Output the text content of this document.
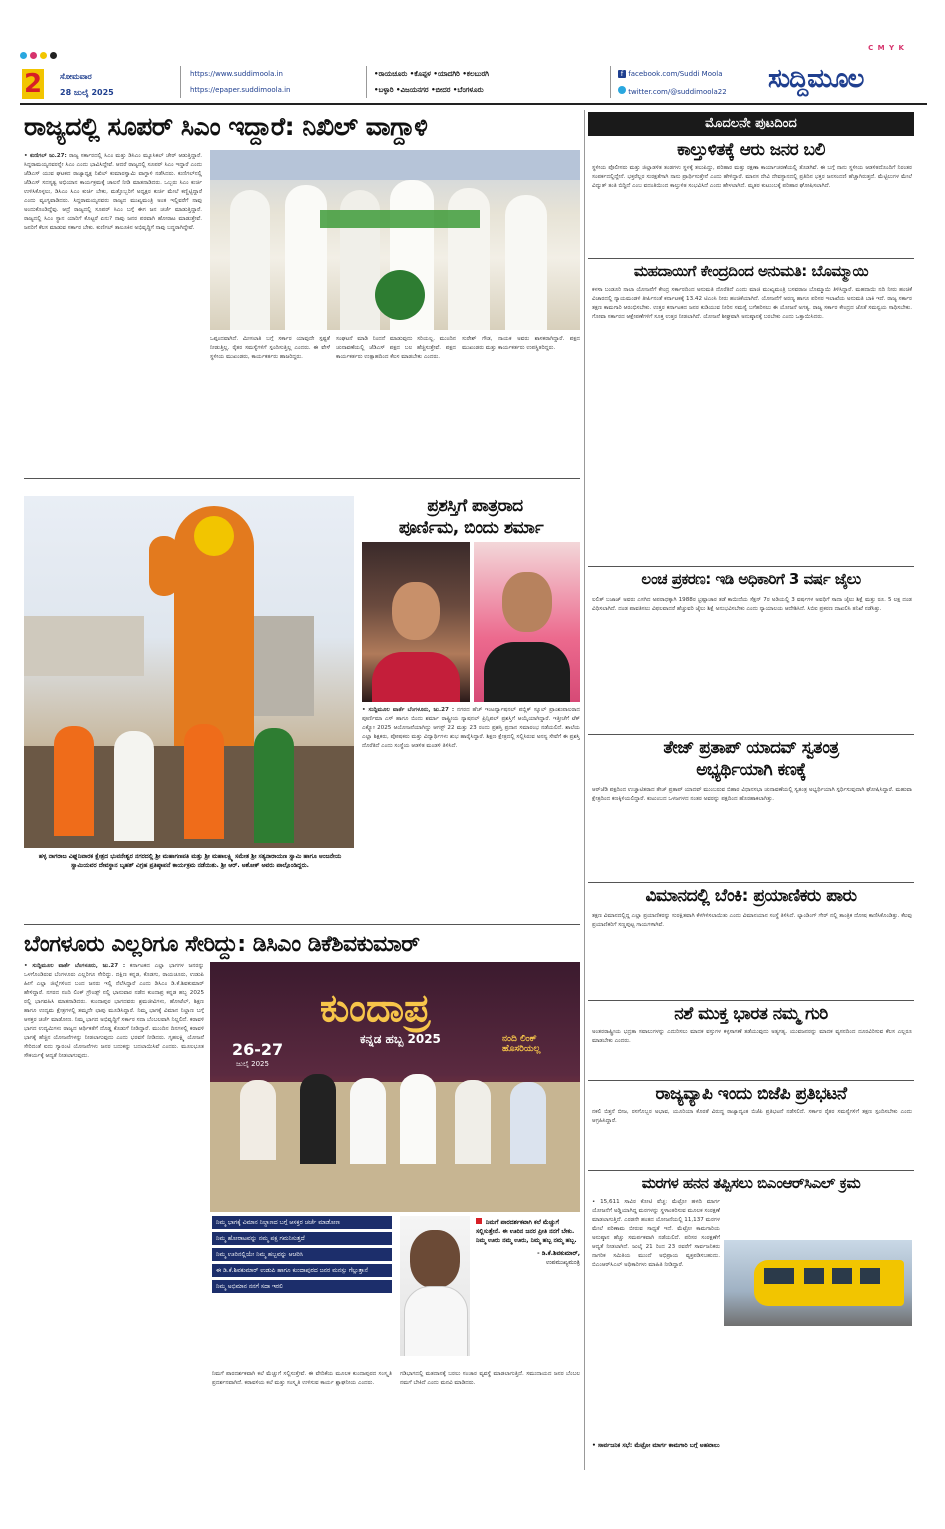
C M Y K
2 ಸೋಮವಾರ
28 ಜುಲೈ 2025
https://www.suddimoola.in
https://epaper.suddimoola.in
•ರಾಯಚೂರು •ಕೊಪ್ಪಳ •ಯಾದಗಿರಿ •ಕಲಬುರಗಿ
•ಬಳ್ಳಾರಿ •ವಿಜಯನಗರ •ಬೀದರ •ಬೆಂಗಳೂರು
f facebook.com/Suddi Moola
twitter.com/@suddimoola22 ಸುದ್ದಿಮೂಲ
ರಾಜ್ಯದಲ್ಲಿ ಸೂಪರ್ ಸಿಎಂ ಇದ್ದಾರೆ: ನಿಖಿಲ್ ವಾಗ್ದಾಳಿ
• ಕುಣಿಗಲ್ ಜು.27: ರಾಜ್ಯ ಸರ್ಕಾರದಲ್ಲಿ ಸಿಎಂ ಮತ್ತು ಡಿಸಿಎಂ ಮ್ಯೂಸಿಕಲ್ ಚೇರ್ ಆಡುತ್ತಿದ್ದಾರೆ. ಸಿದ್ದರಾಮಯ್ಯನವರನ್ನೇ ಸಿಎಂ ಎಂದು ಭಾವಿಸಿದ್ದೇವೆ. ಆದರೆ ರಾಜ್ಯದಲ್ಲಿ ಸೂಪರ್ ಸಿಎಂ ಇದ್ದಾರೆ ಎಂದು ಜೆಡಿಎಸ್ ಯುವ ಘಟಕದ ರಾಜ್ಯಾಧ್ಯಕ್ಷ ನಿಖಿಲ್ ಕುಮಾರಸ್ವಾಮಿ ವಾಗ್ದಾಳಿ ನಡೆಸಿದರು. ಕುಣಿಗಲ್‌ನಲ್ಲಿ ಜೆಡಿಎಸ್ ಸದಸ್ಯತ್ವ ಅಭಿಯಾನ ಕಾರ್ಯಕ್ರಮಕ್ಕೆ ಚಾಲನೆ ನೀಡಿ ಮಾತನಾಡಿದರು. ಒಬ್ಬರು ಸಿಎಂ ಕುರ್ಚಿ ಉಳಿಸಿಕೊಳ್ಳಲು, ಡಿಸಿಎಂ ಸಿಎಂ ಕುರ್ಚಿ ಬೇಕು, ಮತ್ತೊಬ್ಬರಿಗೆ ಅಧ್ಯಕ್ಷರ ಕುರ್ಚಿ ಮೇಲೆ ಕಣ್ಣಿಟ್ಟಿದ್ದಾರೆ ಎಂದು ವ್ಯಂಗ್ಯವಾಡಿದರು. ಸಿದ್ದರಾಮಯ್ಯನವರು ರಾಜ್ಯದ ಮುಖ್ಯಮಂತ್ರಿ ಅಂತ ಇಲ್ಲಿವರೆಗೆ ನಾವು ಅಂದುಕೊಂಡಿದ್ದೆವು. ಆದ್ರೆ ರಾಜ್ಯದಲ್ಲಿ ಸೂಪರ್ ಸಿಎಂ ಬಗ್ಗೆ ಈಗ ಜನ ಚರ್ಚೆ ಮಾಡುತ್ತಿದ್ದಾರೆ. ರಾಜ್ಯದಲ್ಲಿ ಸಿಎಂ ಸ್ಥಾನ ಯಾರಿಗೆ ಕೊಟ್ಟರೆ ಏನು? ನಾವು ಜನರ ಪರವಾಗಿ ಹೋರಾಟ ಮಾಡುತ್ತೇವೆ. ಜನರಿಗೆ ಕೆಲಸ ಮಾಡುವ ಸರ್ಕಾರ ಬೇಕು. ಕುಣಿಗಲ್ ತಾಲೂಕಿನ ಅಭಿವೃದ್ಧಿಗೆ ನಾವು ಬದ್ಧರಾಗಿದ್ದೇವೆ.
ಒಪ್ಪಂದವಾಗಿದೆ. ಮೀಸಲಾತಿ ಬಗ್ಗೆ ಸರ್ಕಾರ ಯಾವುದೇ ಸ್ಪಷ್ಟತೆ ನೀಡುತ್ತಿಲ್ಲ. ರೈತರ ಸಮಸ್ಯೆಗಳಿಗೆ ಸ್ಪಂದಿಸುತ್ತಿಲ್ಲ ಎಂದರು. ಈ ವೇಳೆ ಸ್ಥಳೀಯ ಮುಖಂಡರು, ಕಾರ್ಯಕರ್ತರು ಹಾಜರಿದ್ದರು.
ಸಂಘಟನೆ ಮಾಡಿ ನಿಂದನೆ ಮಾಡುವುದು ಸರಿಯಲ್ಲ. ಮುಂದಿನ ಚುನಾವಣೆಯಲ್ಲಿ ಜೆಡಿಎಸ್ ಪಕ್ಷದ ಬಲ ಹೆಚ್ಚಿಸುತ್ತೇವೆ. ಪಕ್ಷದ ಕಾರ್ಯಕರ್ತರು ಉತ್ಸಾಹದಿಂದ ಕೆಲಸ ಮಾಡಬೇಕು ಎಂದರು.
ಸುರೇಶ್ ಗೌಡ, ನಾಯಕ ಅವರು ಶಾಸಕರಾಗಿದ್ದಾರೆ. ಪಕ್ಷದ ಮುಖಂಡರು ಮತ್ತು ಕಾರ್ಯಕರ್ತರು ಉಪಸ್ಥಿತರಿದ್ದರು.
ಹಳ್ಳ ನಾಗರಾಜ ವಿಘ್ನನಿವಾರಕ ಕ್ಷೇತ್ರದ ಭುವನೇಶ್ವರ ನಗರದಲ್ಲಿ ಶ್ರೀ ಮಹಾಗಣಪತಿ ಮತ್ತು ಶ್ರೀ ಮಹಾಲಕ್ಷ್ಮಿ ಸಮೇತ ಶ್ರೀ ಸತ್ಯನಾರಾಯಣ ಸ್ವಾಮಿ ಹಾಗೂ ಆಂಜನೇಯ ಸ್ವಾಮಿಯವರ ದೇವಸ್ಥಾನ ಬೃಹತ್ ವಿಗ್ರಹ ಪ್ರತಿಷ್ಠಾಪನೆ ಕಾರ್ಯಕ್ರಮ ನಡೆಯಿತು. ಶ್ರೀ ಆರ್. ಅಶೋಕ್ ಅವರು ಪಾಲ್ಗೊಂಡಿದ್ದರು.
ಪ್ರಶಸ್ತಿಗೆ ಪಾತ್ರರಾದ
ಪೂರ್ಣಿಮ, ಬಿಂದು ಶರ್ಮಾ
• ಸುದ್ದಿಮೂಲ ವಾರ್ತೆ ಬೆಂಗಳೂರು, ಜು.27 : ನಗರದ ಹೆಚ್ ಇಂಟರ್ನ್ಯಾಷನಲ್ ಪಬ್ಲಿಕ್ ಸ್ಕೂಲ್ ಪ್ರಾಂಶುಪಾಲರಾದ ಪೂರ್ಣಿಮಾ ಎಸ್ ಹಾಗೂ ಬಿಂದು ಶರ್ಮಾ ರಾಷ್ಟ್ರೀಯ ನ್ಯಾಷನಲ್ ಪ್ರಿನ್ಸಿಪಲ್ ಪ್ರಶಸ್ತಿಗೆ ಆಯ್ಕೆಯಾಗಿದ್ದಾರೆ. ಇತ್ತೀಚೆಗೆ ಟೆಕ್ ಎಕ್ಸ್ಪೋ 2025 ಆಯೋಜನೆಯಾಗಿದ್ದು ಆಗಸ್ಟ್ 22 ಮತ್ತು 23 ರಂದು ಪ್ರಶಸ್ತಿ ಪ್ರದಾನ ಸಮಾರಂಭ ನಡೆಯಲಿದೆ. ಶಾಲೆಯ ಎಲ್ಲಾ ಶಿಕ್ಷಕರು, ಪೋಷಕರು ಮತ್ತು ವಿದ್ಯಾರ್ಥಿಗಳು ಶುಭ ಹಾರೈಸಿದ್ದಾರೆ. ಶಿಕ್ಷಣ ಕ್ಷೇತ್ರದಲ್ಲಿ ಸಲ್ಲಿಸಿರುವ ಅನನ್ಯ ಸೇವೆಗೆ ಈ ಪ್ರಶಸ್ತಿ ದೊರೆತಿದೆ ಎಂದು ಸಂಸ್ಥೆಯ ಆಡಳಿತ ಮಂಡಳಿ ತಿಳಿಸಿದೆ.
ಬೆಂಗಳೂರು ಎಲ್ಲರಿಗೂ ಸೇರಿದ್ದು: ಡಿಸಿಎಂ ಡಿಕೆಶಿವಕುಮಾರ್
• ಸುದ್ದಿಮೂಲ ವಾರ್ತೆ ಬೆಂಗಳೂರು, ಜು.27 : ಕರ್ನಾಟಕದ ಎಲ್ಲಾ ಭಾಗಗಳ ಜನರನ್ನು ಒಳಗೊಂಡಿರುವ ಬೆಂಗಳೂರು ಎಲ್ಲರಿಗೂ ಸೇರಿದ್ದು. ದಕ್ಷಿಣ ಕನ್ನಡ, ಕೊಡಗು, ರಾಯಚೂರು, ಉಡುಪಿ ಹೀಗೆ ಎಲ್ಲಾ ಜಿಲ್ಲೆಗಳಿಂದ ಬಂದ ಜನರು ಇಲ್ಲಿ ನೆಲೆಸಿದ್ದಾರೆ ಎಂದು ಡಿಸಿಎಂ ಡಿ.ಕೆ.ಶಿವಕುಮಾರ್ ಹೇಳಿದ್ದಾರೆ. ನಗರದ ನಂದಿ ಲಿಂಕ್ ಗ್ರೌಂಡ್ಸ್ ನಲ್ಲಿ ಭಾನುವಾರ ನಡೆದ ಕುಂದಾಪ್ರ ಕನ್ನಡ ಹಬ್ಬ 2025 ರಲ್ಲಿ ಭಾಗವಹಿಸಿ ಮಾತನಾಡಿದರು. ಕುಂದಾಪುರ ಭಾಗದವರು ಶ್ರಮಜೀವಿಗಳು, ಹೋಟೆಲ್, ಶಿಕ್ಷಣ ಹಾಗೂ ಉದ್ಯಮ ಕ್ಷೇತ್ರಗಳಲ್ಲಿ ತಮ್ಮದೇ ಛಾಪು ಮೂಡಿಸಿದ್ದಾರೆ. ನಿಮ್ಮ ಭಾಗಕ್ಕೆ ವಿಮಾನ ನಿಲ್ದಾಣ ಬಗ್ಗೆ ಆಸಕ್ತರ ಚರ್ಚೆ ಮಾಡೋಣ. ನಿಮ್ಮ ಭಾಗದ ಅಭಿವೃದ್ಧಿಗೆ ಸರ್ಕಾರ ಸದಾ ಬೆಂಬಲವಾಗಿ ನಿಲ್ಲಲಿದೆ. ಕರಾವಳಿ ಭಾಗದ ಉದ್ಯಮಿಗಳು ರಾಜ್ಯದ ಆರ್ಥಿಕತೆಗೆ ದೊಡ್ಡ ಕೊಡುಗೆ ನೀಡಿದ್ದಾರೆ. ಮುಂದಿನ ದಿನಗಳಲ್ಲಿ ಕರಾವಳಿ ಭಾಗಕ್ಕೆ ಹೆಚ್ಚಿನ ಯೋಜನೆಗಳನ್ನು ನೀಡಲಾಗುವುದು ಎಂದು ಭರವಸೆ ನೀಡಿದರು. ಗೃಹಲಕ್ಷ್ಮಿ ಯೋಜನೆ ಸೇರಿದಂತೆ ಐದು ಗ್ಯಾರಂಟಿ ಯೋಜನೆಗಳು ಜನರ ಬದುಕನ್ನು ಬದಲಾಯಿಸಿವೆ ಎಂದರು. ಮೂಲಭೂತ ಸೌಕರ್ಯಕ್ಕೆ ಆದ್ಯತೆ ನೀಡಲಾಗುವುದು.
ಕುಂದಾಪ್ರ
ಕನ್ನಡ ಹಬ್ಬ 2025
26-27
ಜುಲೈ 2025
ನಂದಿ ಲಿಂಕ್ ಹೊಸರಿಯಲ್ಲ
ನಿಮ್ಮ ಭಾಗಕ್ಕೆ ವಿಮಾನ ನಿಲ್ದಾಣದ ಬಗ್ಗೆ ಆಸಕ್ತರ ಚರ್ಚೆ ಮಾಡೋಣ
ನಿಮ್ಮ ಹೋರಾಟವನ್ನು ನಮ್ಮ ಪಕ್ಷ ಗಮನಿಸುತ್ತದೆ
ನಿಮ್ಮ ಊರಿನಲ್ಲಿಯೇ ನಿಮ್ಮ ಹಬ್ಬವನ್ನು ಆಚರಿಸಿ
ಈ ಡಿ.ಕೆ.ಶಿವಕುಮಾರ್ ಉಡುಪಿ ಹಾಗೂ ಕುಂದಾಪುರದ ಜನರ ಮನಸ್ಸು ಗೆಲ್ಲುತ್ತಾನೆ
ನಿಮ್ಮ ಅಭಿಮಾನ ನನಗೆ ಸದಾ ಇರಲಿ
ನಿಮಗೆ ಪಾರದರ್ಶಕವಾಗಿ ಕಲೆ ಮೆಚ್ಚುಗೆ ಸಲ್ಲಿಸುತ್ತೇನೆ. ಈ ಊರಿನ ಜನರ ಪ್ರೀತಿ ನನಗೆ ಬೇಕು. ನಿಮ್ಮ ಊರು ನಮ್ಮ ಊರು, ನಿಮ್ಮ ಹಬ್ಬ ನಮ್ಮ ಹಬ್ಬ.
- ಡಿ.ಕೆ.ಶಿವಕುಮಾರ್,
ಉಪಮುಖ್ಯಮಂತ್ರಿ
ನಿಮಗೆ ಪಾರದರ್ಶಕವಾಗಿ ಕಲೆ ಮೆಚ್ಚುಗೆ ಸಲ್ಲಿಸುತ್ತೇವೆ. ಈ ವೇದಿಕೆಯ ಮೂಲಕ ಕುಂದಾಪುರದ ಸಂಸ್ಕೃತಿ ಪ್ರದರ್ಶನವಾಗಿದೆ. ಕರಾವಳಿಯ ಕಲೆ ಮತ್ತು ಸಂಸ್ಕೃತಿ ಉಳಿಸುವ ಕಾರ್ಯ ಶ್ಲಾಘನೀಯ ಎಂದರು.
ಗಡಿಭಾಗದಲ್ಲಿ ಮತದಾನಕ್ಕೆ ಬರಲು ಸಂಚಾರ ವ್ಯವಸ್ಥೆ ಮಾಡಲಾಗುತ್ತಿದೆ. ಸಮುದಾಯದ ಜನರ ಬೆಂಬಲ ನಮಗೆ ಬೇಕಿದೆ ಎಂದು ಮನವಿ ಮಾಡಿದರು.
ಮೊದಲನೇ ಪುಟದಿಂದ
ಕಾಲ್ತುಳಿತಕ್ಕೆ ಆರು ಜನರ ಬಲಿ
ಸ್ಥಳೀಯ ಪೊಲೀಸರು ಮತ್ತು ಜಿಲ್ಲಾಡಳಿತ ತಂಡಗಳು ಸ್ಥಳಕ್ಕೆ ತಲುಪಿದ್ದು, ಪರಿಹಾರ ಮತ್ತು ರಕ್ಷಣಾ ಕಾರ್ಯಾಚರಣೆಯಲ್ಲಿ ತೊಡಗಿವೆ. ಈ ಬಗ್ಗೆ ನಾನು ಸ್ಥಳೀಯ ಆಡಳಿತದೊಂದಿಗೆ ನಿರಂತರ ಸಂಪರ್ಕದಲ್ಲಿದ್ದೇನೆ. ಭಕ್ತರೆಲ್ಲರ ಸುರಕ್ಷತೆಗಾಗಿ ನಾನು ಪ್ರಾರ್ಥಿಸುತ್ತೇನೆ ಎಂದು ಹೇಳಿದ್ದಾರೆ. ಮಾನಸ ದೇವಿ ದೇವಸ್ಥಾನದಲ್ಲಿ ಪ್ರತಿದಿನ ಭಕ್ತರ ಜನಸಂದಣಿ ಹೆಚ್ಚಾಗಿರುತ್ತದೆ. ಮೆಟ್ಟಿಲುಗಳ ಮೇಲೆ ವಿದ್ಯುತ್ ತಂತಿ ಬಿದ್ದಿದೆ ಎಂಬ ವದಂತಿಯಿಂದ ಕಾಲ್ತುಳಿತ ಸಂಭವಿಸಿದೆ ಎಂದು ಹೇಳಲಾಗಿದೆ. ಮೃತರ ಕುಟುಂಬಕ್ಕೆ ಪರಿಹಾರ ಘೋಷಿಸಲಾಗಿದೆ.
ಮಹದಾಯಿಗೆ ಕೇಂದ್ರದಿಂದ ಅನುಮತಿ: ಬೊಮ್ಮಾಯಿ
ಕಳಸಾ ಬಂಡೂರಿ ನಾಲಾ ಯೋಜನೆಗೆ ಕೇಂದ್ರ ಸರ್ಕಾರದಿಂದ ಅನುಮತಿ ದೊರೆತಿದೆ ಎಂದು ಮಾಜಿ ಮುಖ್ಯಮಂತ್ರಿ ಬಸವರಾಜ ಬೊಮ್ಮಾಯಿ ತಿಳಿಸಿದ್ದಾರೆ. ಮಹದಾಯಿ ನದಿ ನೀರು ಹಂಚಿಕೆ ವಿಚಾರದಲ್ಲಿ ನ್ಯಾಯಮಂಡಳಿ ತೀರ್ಪಿನಂತೆ ಕರ್ನಾಟಕಕ್ಕೆ 13.42 ಟಿಎಂಸಿ ನೀರು ಹಂಚಿಕೆಯಾಗಿದೆ. ಯೋಜನೆಗೆ ಅರಣ್ಯ ಹಾಗೂ ಪರಿಸರ ಇಲಾಖೆಯ ಅನುಮತಿ ಬಾಕಿ ಇದೆ. ರಾಜ್ಯ ಸರ್ಕಾರ ತಕ್ಷಣ ಕಾಮಗಾರಿ ಆರಂಭಿಸಬೇಕು. ಉತ್ತರ ಕರ್ನಾಟಕದ ಜನರ ಕುಡಿಯುವ ನೀರಿನ ಸಮಸ್ಯೆ ಬಗೆಹರಿಸಲು ಈ ಯೋಜನೆ ಅಗತ್ಯ. ರಾಜ್ಯ ಸರ್ಕಾರ ಕೇಂದ್ರದ ಜೊತೆ ಸಮನ್ವಯ ಸಾಧಿಸಬೇಕು. ಗೋವಾ ಸರ್ಕಾರದ ಆಕ್ಷೇಪಣೆಗಳಿಗೆ ಸೂಕ್ತ ಉತ್ತರ ನೀಡಲಾಗಿದೆ. ಯೋಜನೆ ಶೀಘ್ರವಾಗಿ ಅನುಷ್ಠಾನಕ್ಕೆ ಬರಬೇಕು ಎಂದು ಒತ್ತಾಯಿಸಿದರು.
ಲಂಚ ಪ್ರಕರಣ: ಇಡಿ ಅಧಿಕಾರಿಗೆ 3 ವರ್ಷ ಜೈಲು
ಲಲಿತ್ ಬಜಾಜ್ ಅವರು ಎಸಗಿದ ಅಪರಾಧಕ್ಕಾಗಿ 1988ರ ಭ್ರಷ್ಟಾಚಾರ ತಡೆ ಕಾಯಿದೆಯ ಸೆಕ್ಷನ್ 7ರ ಅಡಿಯಲ್ಲಿ 3 ವರ್ಷಗಳ ಅವಧಿಗೆ ಸಾದಾ ಜೈಲು ಶಿಕ್ಷೆ ಮತ್ತು ರೂ. 5 ಲಕ್ಷ ದಂಡ ವಿಧಿಸಲಾಗಿದೆ. ದಂಡ ಪಾವತಿಸಲು ವಿಫಲವಾದರೆ ಹೆಚ್ಚುವರಿ ಜೈಲು ಶಿಕ್ಷೆ ಅನುಭವಿಸಬೇಕು ಎಂದು ನ್ಯಾಯಾಲಯ ಆದೇಶಿಸಿದೆ. ಸಿಬಿಐ ಪ್ರಕರಣ ದಾಖಲಿಸಿ ತನಿಖೆ ನಡೆಸಿತ್ತು.
ತೇಜ್ ಪ್ರತಾಪ್ ಯಾದವ್ ಸ್ವತಂತ್ರ
ಅಭ್ಯರ್ಥಿಯಾಗಿ ಕಣಕ್ಕೆ
ಆರ್‌ಜೆಡಿ ಪಕ್ಷದಿಂದ ಉಚ್ಚಾಟಿತರಾದ ತೇಜ್ ಪ್ರತಾಪ್ ಯಾದವ್ ಮುಂಬರುವ ಬಿಹಾರ ವಿಧಾನಸಭಾ ಚುನಾವಣೆಯಲ್ಲಿ ಸ್ವತಂತ್ರ ಅಭ್ಯರ್ಥಿಯಾಗಿ ಸ್ಪರ್ಧಿಸುವುದಾಗಿ ಘೋಷಿಸಿದ್ದಾರೆ. ಮಹುವಾ ಕ್ಷೇತ್ರದಿಂದ ಕಣಕ್ಕಿಳಿಯಲಿದ್ದಾರೆ. ಕುಟುಂಬದ ಒಳಜಗಳದ ನಂತರ ಅವರನ್ನು ಪಕ್ಷದಿಂದ ಹೊರಹಾಕಲಾಗಿತ್ತು.
ವಿಮಾನದಲ್ಲಿ ಬೆಂಕಿ: ಪ್ರಯಾಣಿಕರು ಪಾರು
ತಕ್ಷಣ ವಿಮಾನದಲ್ಲಿದ್ದ ಎಲ್ಲಾ ಪ್ರಯಾಣಿಕರನ್ನು ಸುರಕ್ಷಿತವಾಗಿ ಕೆಳಗಿಳಿಸಲಾಯಿತು ಎಂದು ವಿಮಾನಯಾನ ಸಂಸ್ಥೆ ತಿಳಿಸಿದೆ. ಲ್ಯಾಂಡಿಂಗ್ ಗೇರ್ ನಲ್ಲಿ ತಾಂತ್ರಿಕ ದೋಷ ಕಾಣಿಸಿಕೊಂಡಿತ್ತು. ಕೆಲವು ಪ್ರಯಾಣಿಕರಿಗೆ ಸಣ್ಣಪುಟ್ಟ ಗಾಯಗಳಾಗಿವೆ.
ನಶೆ ಮುಕ್ತ ಭಾರತ ನಮ್ಮ ಗುರಿ
ಅಂತರರಾಷ್ಟ್ರೀಯ ಭದ್ರತಾ ಸವಾಲುಗಳನ್ನು ಎದುರಿಸಲು ಮಾದಕ ವಸ್ತುಗಳ ಕಳ್ಳಸಾಗಣೆ ತಡೆಯುವುದು ಅತ್ಯಗತ್ಯ. ಯುವಜನರನ್ನು ಮಾದಕ ವ್ಯಸನದಿಂದ ದೂರವಿರಿಸುವ ಕೆಲಸ ಎಲ್ಲರೂ ಮಾಡಬೇಕು ಎಂದರು.
ರಾಜ್ಯವ್ಯಾಪಿ ಇಂದು ಬಿಜೆಪಿ ಪ್ರತಿಭಟನೆ
ನಕಲಿ ಬಿತ್ತನೆ ಬೀಜ, ರಸಗೊಬ್ಬರ ಅಭಾವ, ಯೂರಿಯಾ ಕೊರತೆ ವಿರುದ್ಧ ರಾಜ್ಯಾದ್ಯಂತ ಬಿಜೆಪಿ ಪ್ರತಿಭಟನೆ ನಡೆಸಲಿದೆ. ಸರ್ಕಾರ ರೈತರ ಸಮಸ್ಯೆಗಳಿಗೆ ತಕ್ಷಣ ಸ್ಪಂದಿಸಬೇಕು ಎಂದು ಆಗ್ರಹಿಸಿದ್ದಾರೆ.
ಮರಗಳ ಹನನ ತಪ್ಪಿಸಲು ಬಿಎಂಆರ್‌ಸಿಎಲ್ ಕ್ರಮ
• 15,611 ಸಾವಿರ ಕೋಟಿ ವೆಚ್ಚ: ಮೆಟ್ರೋ ಹಳದಿ ಮಾರ್ಗ ಯೋಜನೆಗೆ ಅಡ್ಡಿಯಾಗಿದ್ದ ಮರಗಳನ್ನು ಸ್ಥಳಾಂತರಿಸುವ ಮೂಲಕ ಸಂರಕ್ಷಣೆ ಮಾಡಲಾಗುತ್ತಿದೆ. ಎರಡನೇ ಹಂತದ ಯೋಜನೆಯಲ್ಲಿ 11,137 ಮರಗಳ ಮೇಲೆ ಪರಿಣಾಮ ಬೀರುವ ಸಾಧ್ಯತೆ ಇದೆ. ಮೆಟ್ರೋ ಕಾಮಗಾರಿಯ ಅನುಷ್ಠಾನ ಹೆಚ್ಚು ಸಮರ್ಪಕವಾಗಿ ನಡೆಯಲಿದೆ. ಪರಿಸರ ಸಂರಕ್ಷಣೆಗೆ ಆದ್ಯತೆ ನೀಡಲಾಗಿದೆ. ಜುಲೈ 21 ರಿಂದ 23 ರವರೆಗೆ ಸಾರ್ವಜನಿಕರು ನಾಗರಿಕ ಸಮಿತಿಯ ಮುಂದೆ ಅಭಿಪ್ರಾಯ ವ್ಯಕ್ತಪಡಿಸಬಹುದು. ಬಿಎಂಆರ್‌ಸಿಎಲ್ ಅಧಿಕಾರಿಗಳು ಮಾಹಿತಿ ನೀಡಿದ್ದಾರೆ.
• ಸಾರ್ವಜನಿಕ ಸಭೆ: ಮೆಟ್ರೋ ಮಾರ್ಗ ಕಾಮಗಾರಿ ಬಗ್ಗೆ ಅಹವಾಲು
